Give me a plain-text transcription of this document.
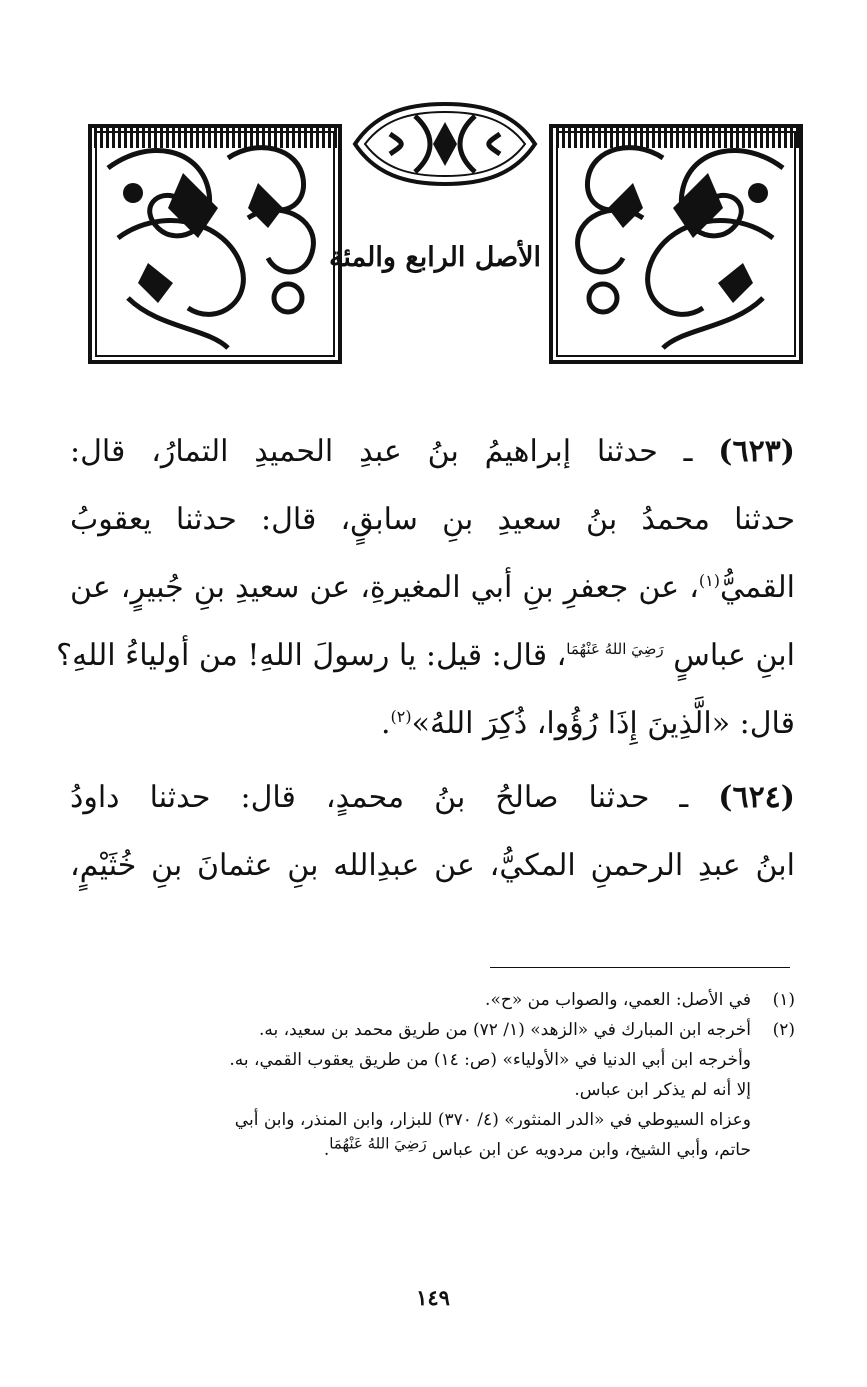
الأصل الرابع والمئة
(٦٢٣) ـ حدثنا إبراهيمُ بنُ عبدِ الحميدِ التمارُ، قال:
حدثنا محمدُ بنُ سعيدِ بنِ سابقٍ، قال: حدثنا يعقوبُ
القميُّ$^{(١)}$، عن جعفرِ بنِ أبي المغيرةِ، عن سعيدِ بنِ جُبيرٍ، عن
ابنِ عباسٍ $^{رَضِيَ اللهُ عَنْهُمَا}$، قال: قيل: يا رسولَ اللهِ! من أولياءُ اللهِ؟
قال: «الَّذِينَ إِذَا رُؤُوا، ذُكِرَ اللهُ»$^{(٢)}$.
(٦٢٤) ـ حدثنا صالحُ بنُ محمدٍ، قال: حدثنا داودُ
ابنُ عبدِ الرحمنِ المكيُّ، عن عبدِالله بنِ عثمانَ بنِ خُثَيْمٍ،
(١)في الأصل: العمي، والصواب من «ح».
(٢)أخرجه ابن المبارك في «الزهد» (١/ ٧٢) من طريق محمد بن سعيد، به.
وأخرجه ابن أبي الدنيا في «الأولياء» (ص: ١٤) من طريق يعقوب القمي، به.
إلا أنه لم يذكر ابن عباس.
وعزاه السيوطي في «الدر المنثور» (٤/ ٣٧٠) للبزار، وابن المنذر، وابن أبي
حاتم، وأبي الشيخ، وابن مردويه عن ابن عباس رَضِيَ اللهُ عَنْهُمَا.
١٤٩
